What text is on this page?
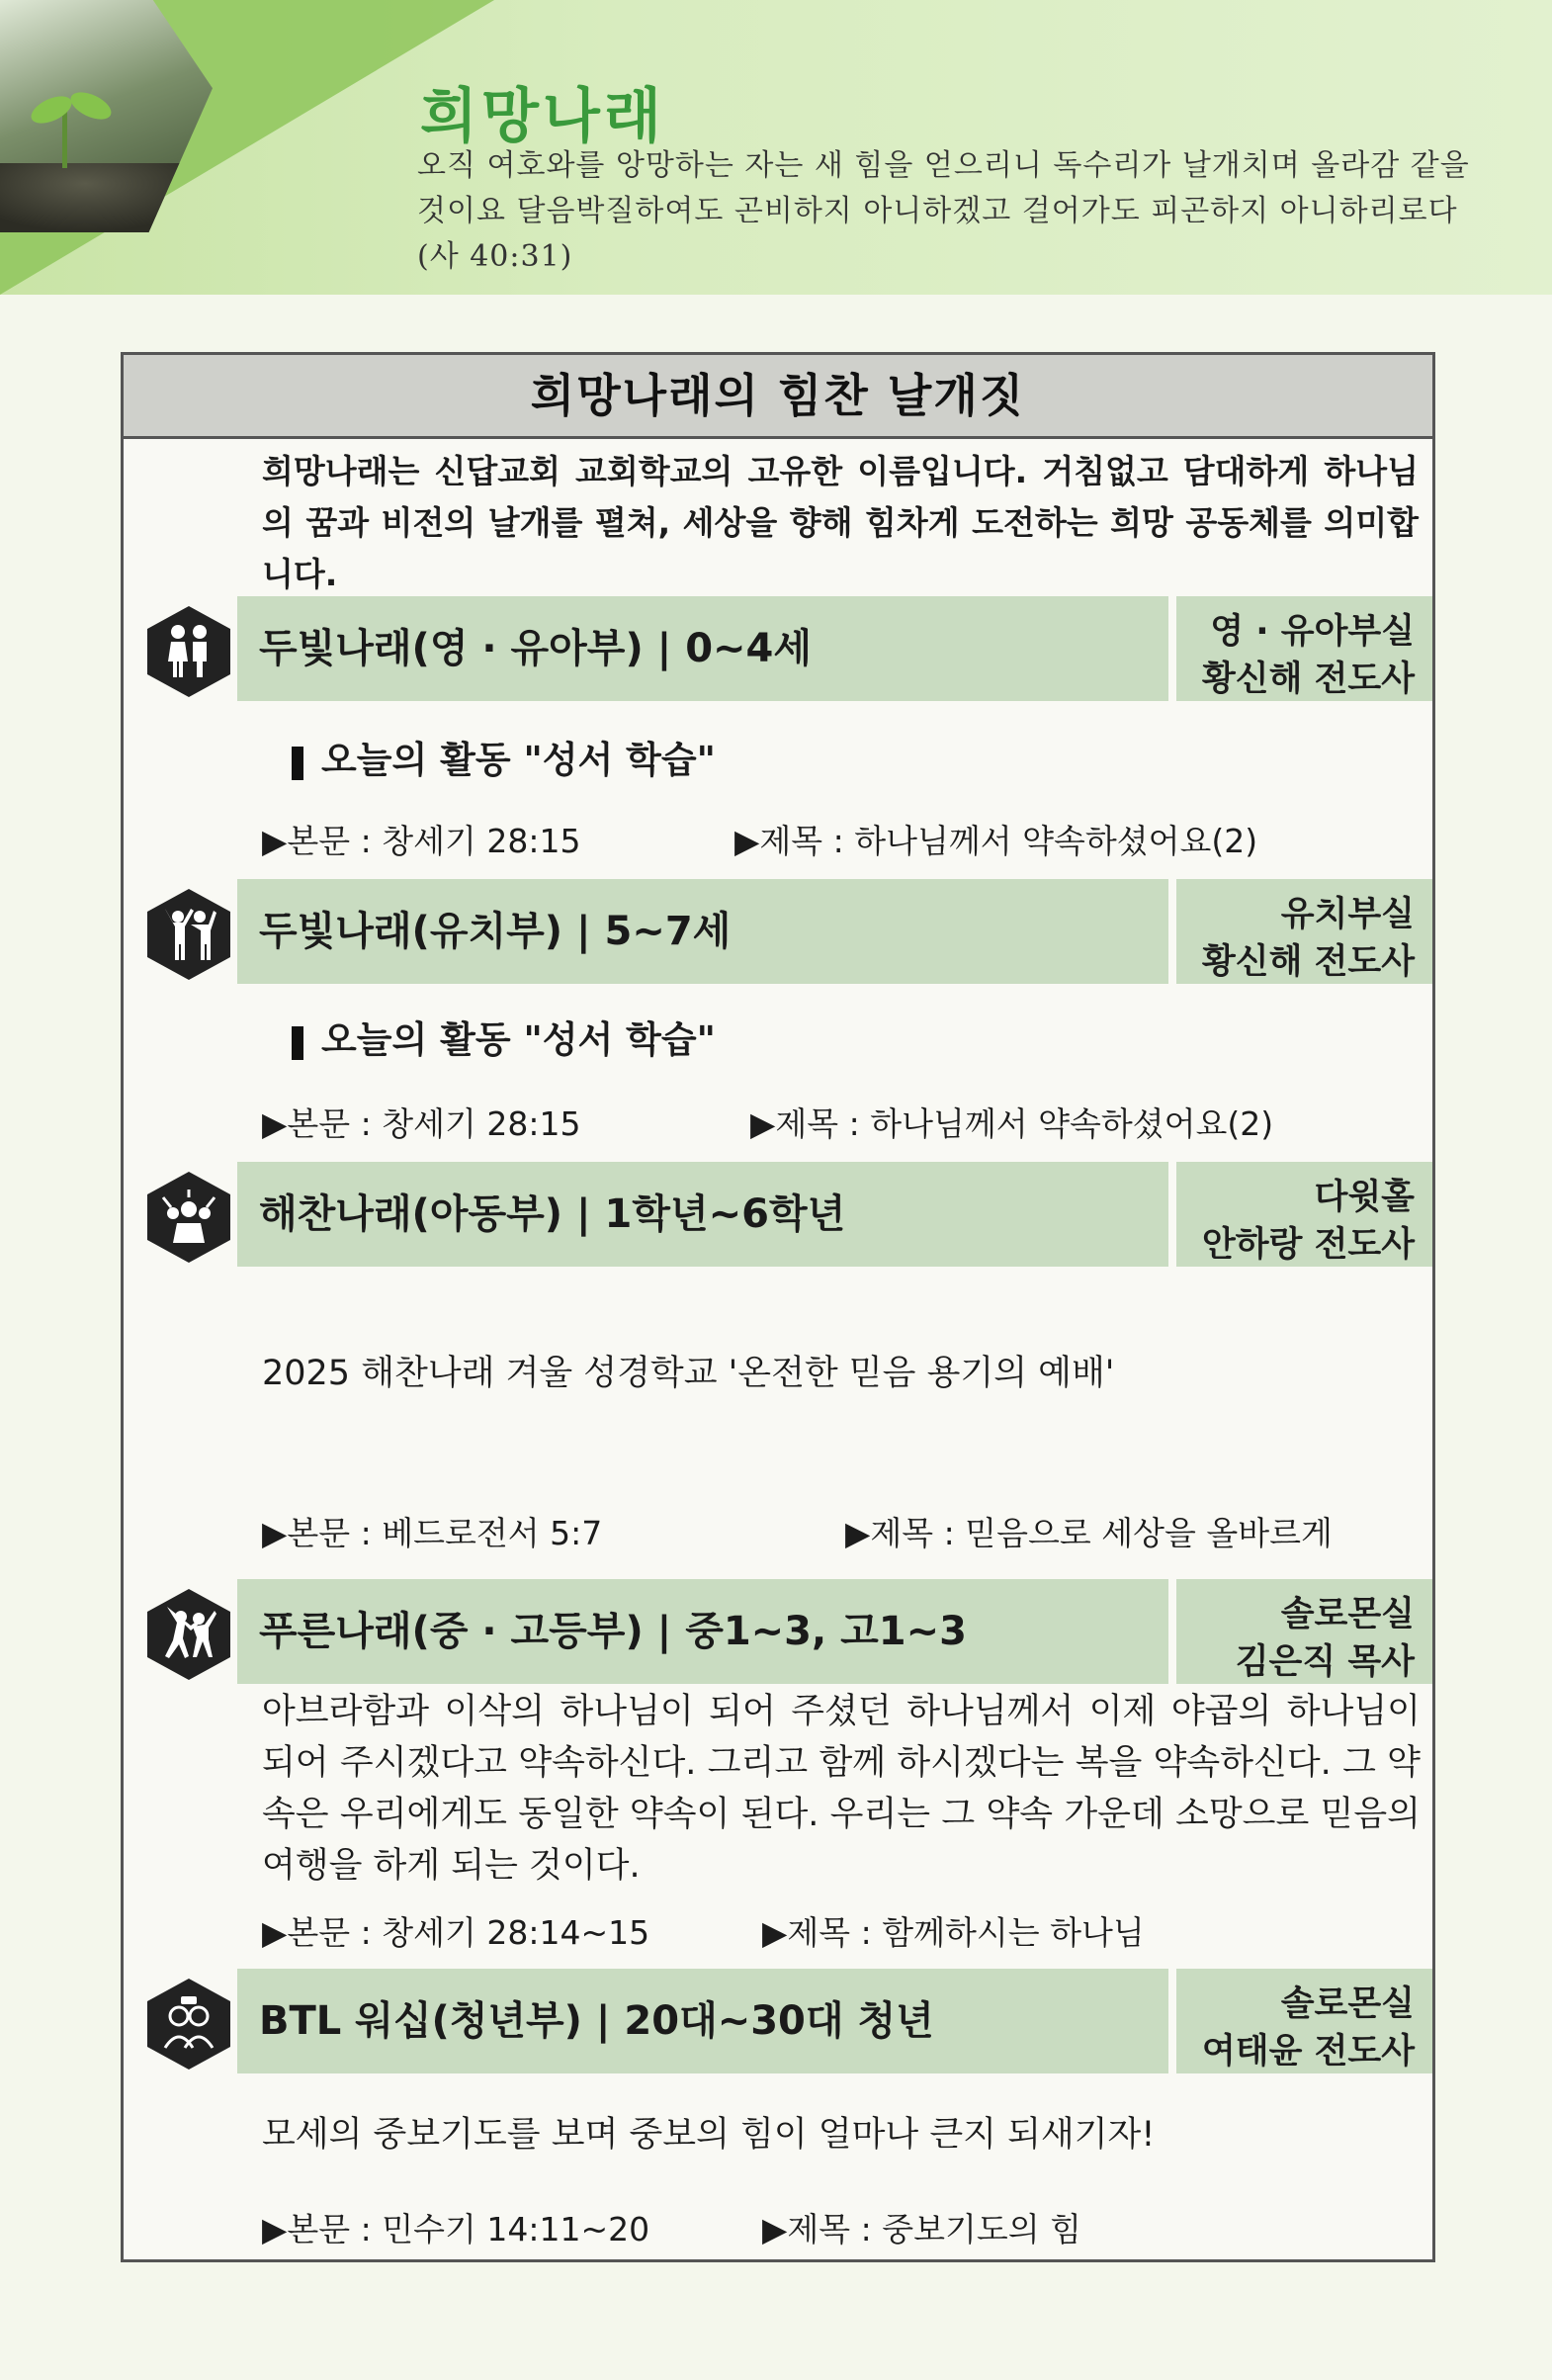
희망나래
오직 여호와를 앙망하는 자는 새 힘을 얻으리니 독수리가 날개치며 올라감 같을 것이요 달음박질하여도 곤비하지 아니하겠고 걸어가도 피곤하지 아니하리로다(사 40:31)
희망나래의 힘찬 날개짓
희망나래는 신답교회 교회학교의 고유한 이름입니다. 거침없고 담대하게 하나님의 꿈과 비전의 날개를 펼쳐, 세상을 향해 힘차게 도전하는 희망 공동체를 의미합니다.
두빛나래(영 · 유아부) | 0~4세	영 · 유아부실
황신해 전도사
오늘의 활동 "성서 학습"
▶본문 : 창세기 28:15	▶제목 : 하나님께서 약속하셨어요(2)
두빛나래(유치부) | 5~7세	유치부실
황신해 전도사
오늘의 활동 "성서 학습"
▶본문 : 창세기 28:15	▶제목 : 하나님께서 약속하셨어요(2)
해찬나래(아동부) | 1학년~6학년	다윗홀
안하랑 전도사
2025 해찬나래 겨울 성경학교 '온전한 믿음 용기의 예배'
▶본문 : 베드로전서 5:7	▶제목 : 믿음으로 세상을 올바르게
푸른나래(중 · 고등부) | 중1~3, 고1~3	솔로몬실
김은직 목사
아브라함과 이삭의 하나님이 되어 주셨던 하나님께서 이제 야곱의 하나님이 되어 주시겠다고 약속하신다. 그리고 함께 하시겠다는 복을 약속하신다. 그 약속은 우리에게도 동일한 약속이 된다. 우리는 그 약속 가운데 소망으로 믿음의 여행을 하게 되는 것이다.
▶본문 : 창세기 28:14~15	▶제목 : 함께하시는 하나님
BTL 워십(청년부) | 20대~30대 청년	솔로몬실
여태윤 전도사
모세의 중보기도를 보며 중보의 힘이 얼마나 큰지 되새기자!
▶본문 : 민수기 14:11~20	▶제목 : 중보기도의 힘
